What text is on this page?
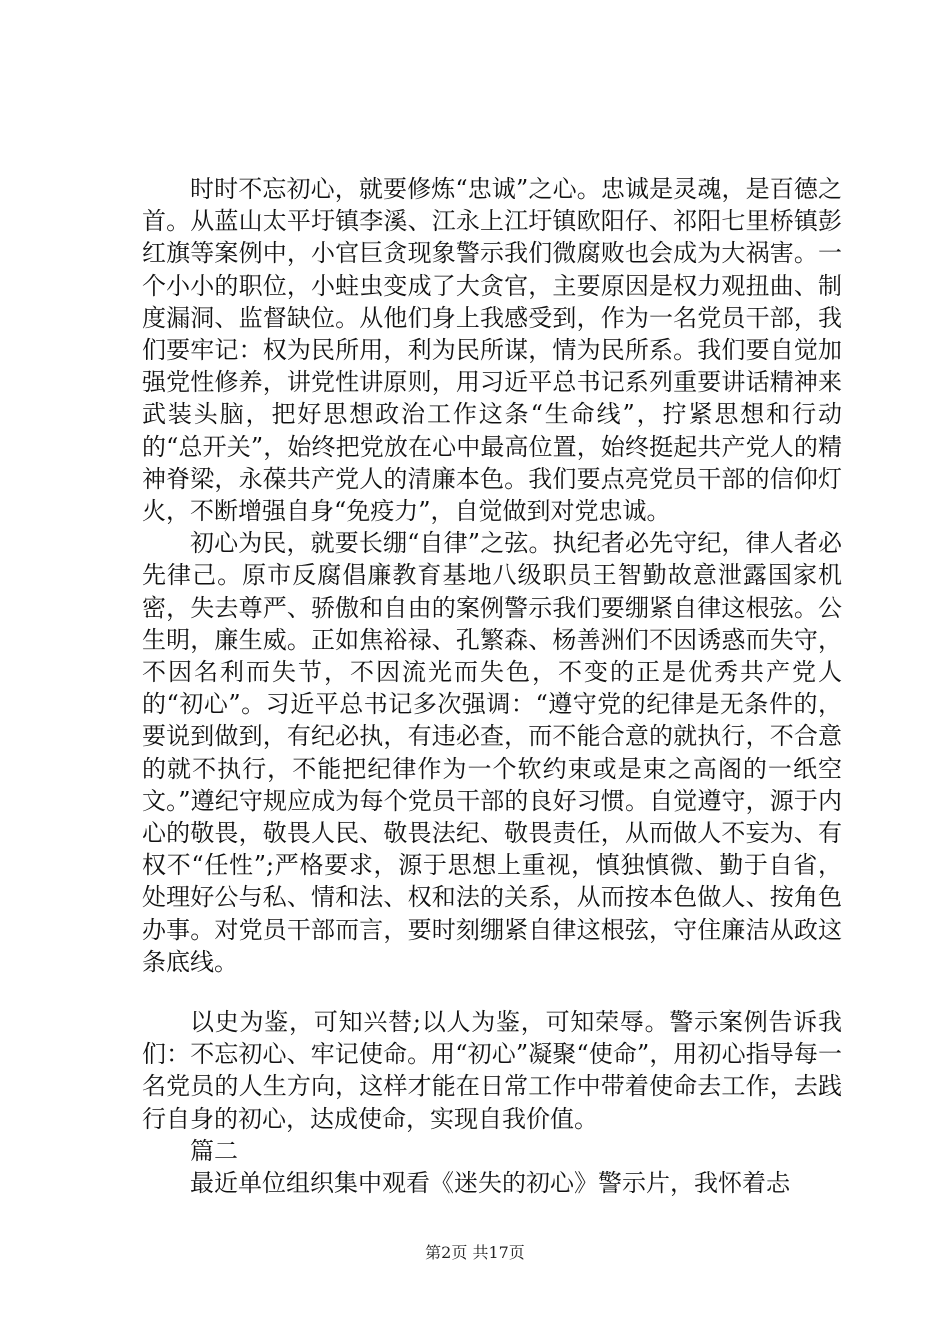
时时不忘初心，就要修炼“忠诚”之心。忠诚是灵魂，是百德之首。从蓝山太平圩镇李溪、江永上江圩镇欧阳仔、祁阳七里桥镇彭红旗等案例中，小官巨贪现象警示我们微腐败也会成为大祸害。一个小小的职位，小蛀虫变成了大贪官，主要原因是权力观扭曲、制度漏洞、监督缺位。从他们身上我感受到，作为一名党员干部，我们要牢记：权为民所用，利为民所谋，情为民所系。我们要自觉加强党性修养，讲党性讲原则，用习近平总书记系列重要讲话精神来武装头脑，把好思想政治工作这条“生命线”，拧紧思想和行动的“总开关”，始终把党放在心中最高位置，始终挺起共产党人的精神脊梁，永葆共产党人的清廉本色。我们要点亮党员干部的信仰灯火，不断增强自身“免疫力”，自觉做到对党忠诚。

初心为民，就要长绷“自律”之弦。执纪者必先守纪，律人者必先律己。原市反腐倡廉教育基地八级职员王智勤故意泄露国家机密，失去尊严、骄傲和自由的案例警示我们要绷紧自律这根弦。公生明，廉生威。正如焦裕禄、孔繁森、杨善洲们不因诱惑而失守，不因名利而失节，不因流光而失色，不变的正是优秀共产党人的“初心”。习近平总书记多次强调：“遵守党的纪律是无条件的，要说到做到，有纪必执，有违必查，而不能合意的就执行，不合意的就不执行，不能把纪律作为一个软约束或是束之高阁的一纸空文。”遵纪守规应成为每个党员干部的良好习惯。自觉遵守，源于内心的敬畏，敬畏人民、敬畏法纪、敬畏责任，从而做人不妄为、有权不“任性”;严格要求，源于思想上重视，慎独慎微、勤于自省，处理好公与私、情和法、权和法的关系，从而按本色做人、按角色办事。对党员干部而言，要时刻绷紧自律这根弦，守住廉洁从政这条底线。

以史为鉴，可知兴替;以人为鉴，可知荣辱。警示案例告诉我们：不忘初心、牢记使命。用“初心”凝聚“使命”，用初心指导每一名党员的人生方向，这样才能在日常工作中带着使命去工作，去践行自身的初心，达成使命，实现自我价值。

篇二

最近单位组织集中观看《迷失的初心》警示片，我怀着忐

第2页 共17页
